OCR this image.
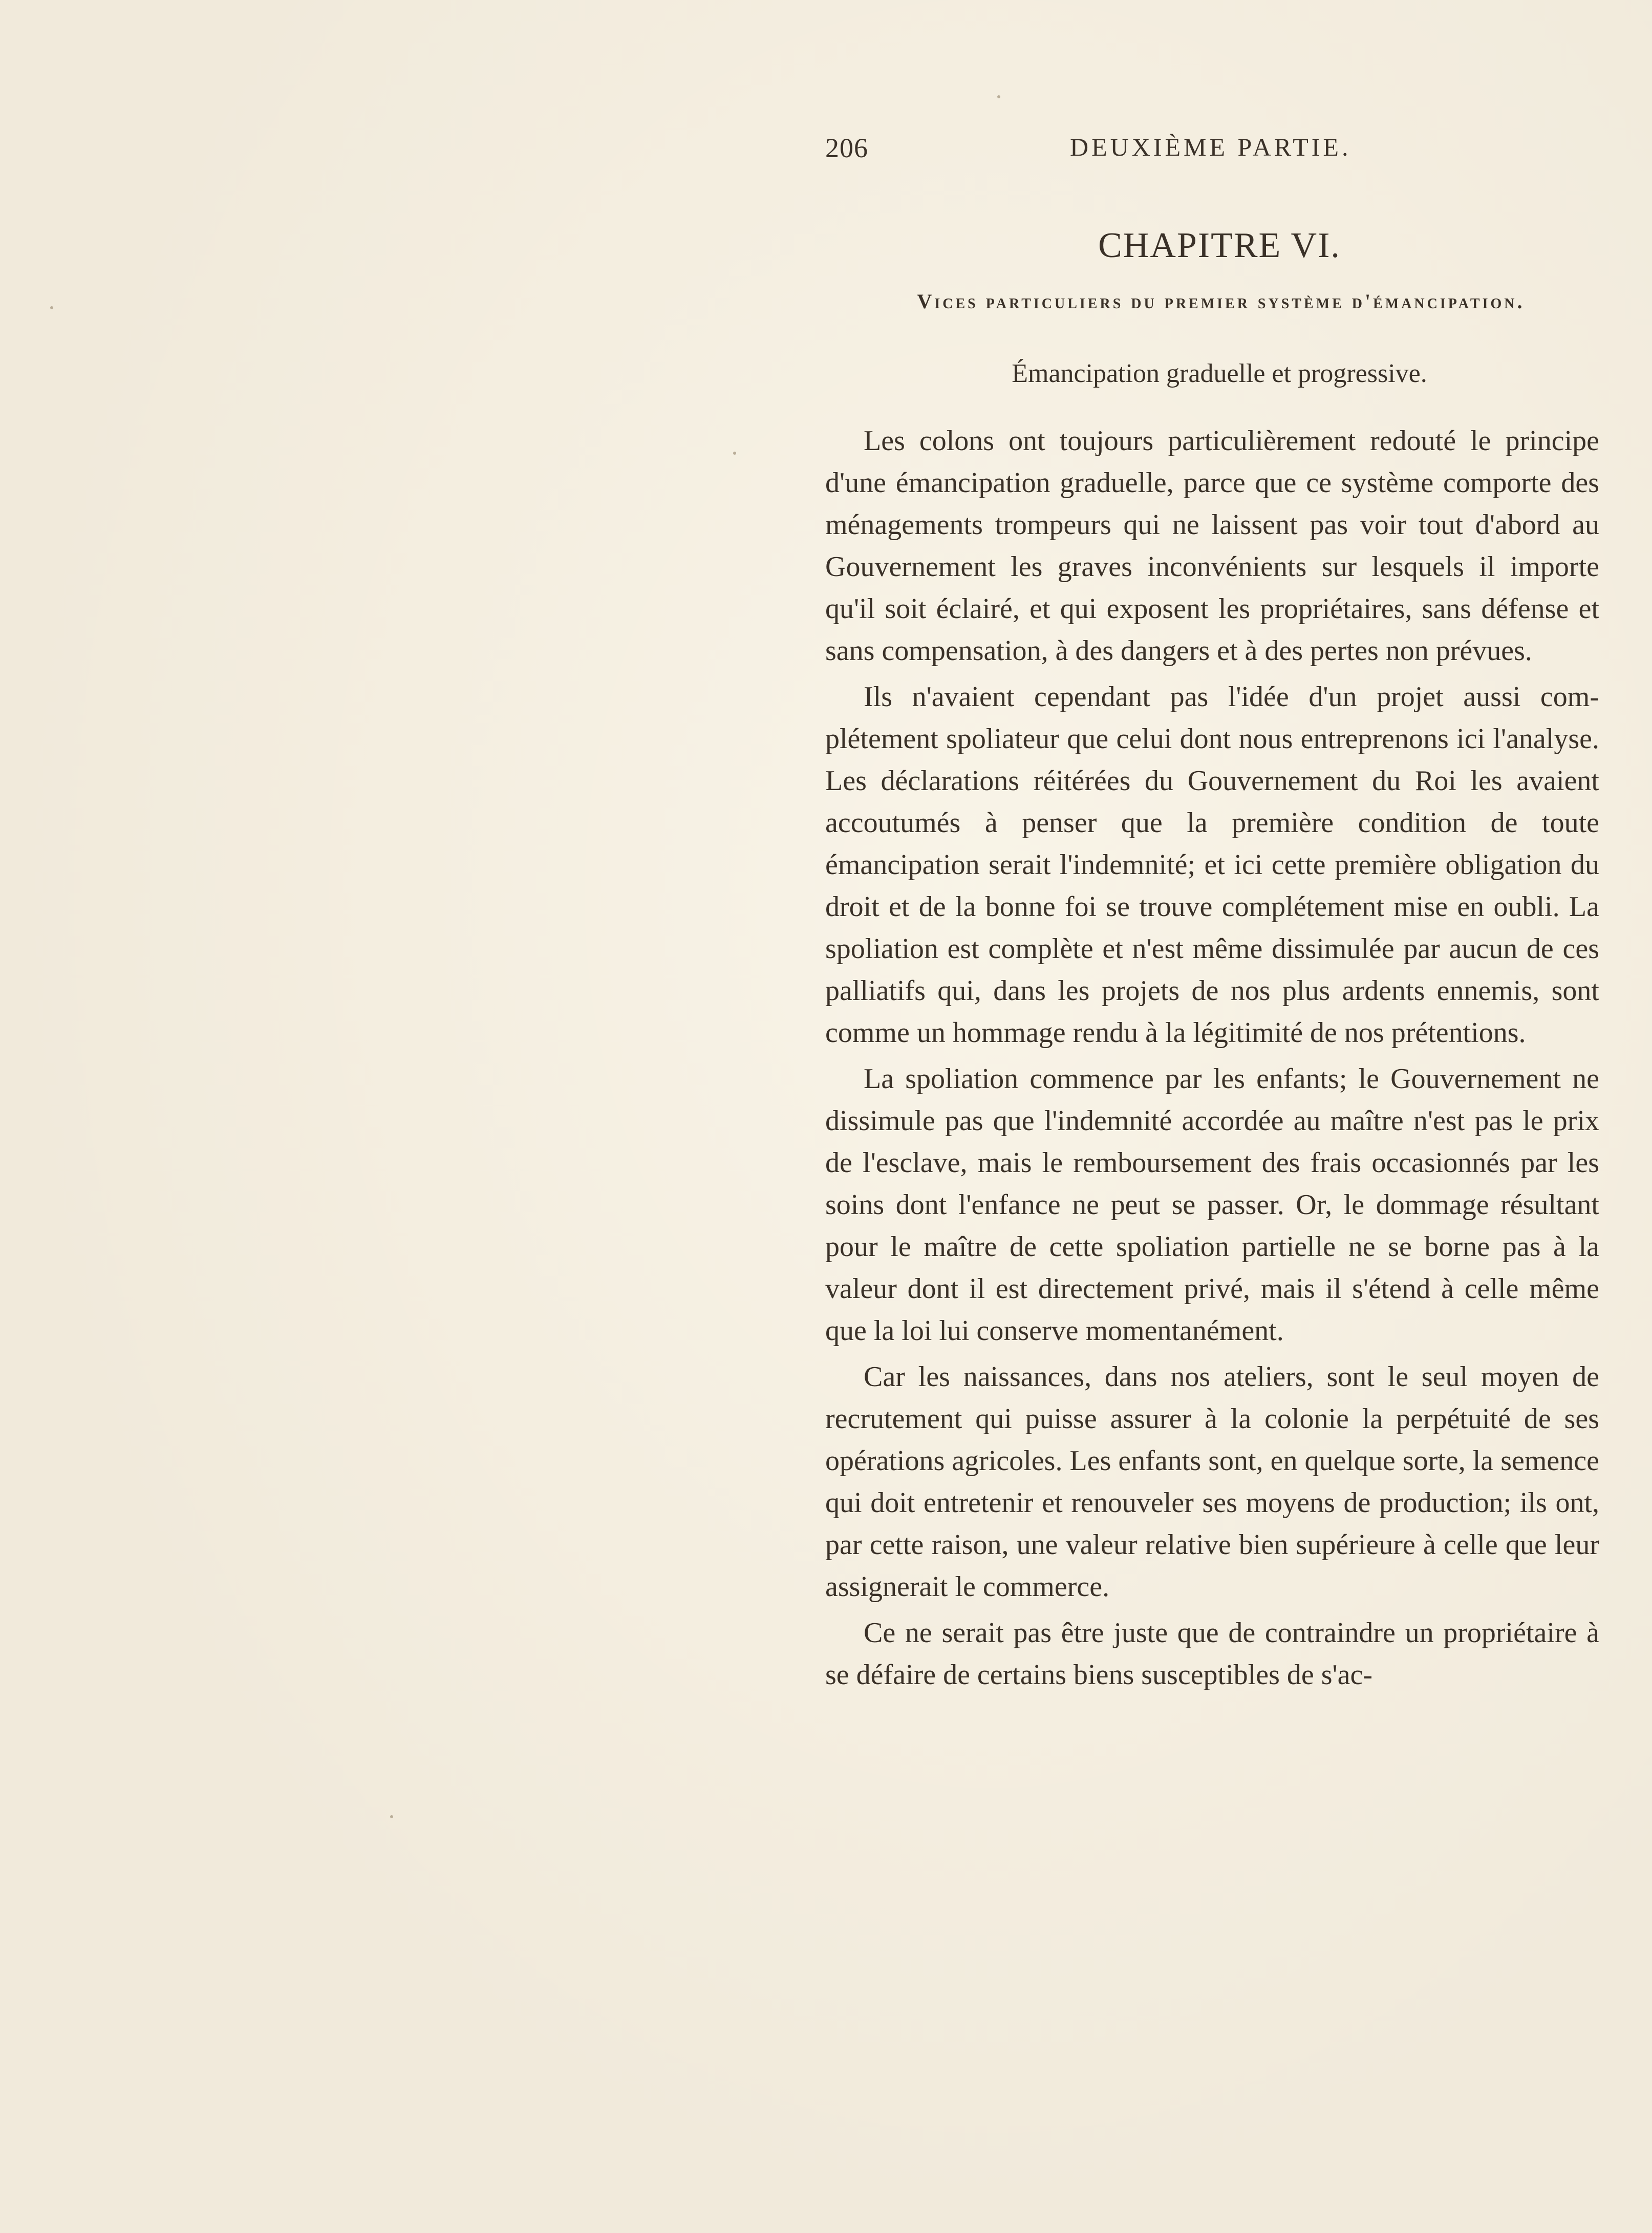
206	DEUXIÈME PARTIE.
CHAPITRE VI.
Vices particuliers du premier système d'émancipation.
Émancipation graduelle et progressive.

Les colons ont toujours particulièrement redouté le principe d'une émancipation graduelle, parce que ce système comporte des ménagements trompeurs qui ne laissent pas voir tout d'abord au Gouvernement les graves inconvénients sur lesquels il importe qu'il soit éclairé, et qui exposent les propriétaires, sans défense et sans compensation, à des dangers et à des pertes non prévues.

Ils n'avaient cependant pas l'idée d'un projet aussi complétement spoliateur que celui dont nous entreprenons ici l'analyse. Les déclarations réitérées du Gouvernement du Roi les avaient accoutumés à penser que la première condition de toute émancipation serait l'indemnité; et ici cette première obligation du droit et de la bonne foi se trouve complétement mise en oubli. La spoliation est complète et n'est même dissimulée par aucun de ces palliatifs qui, dans les projets de nos plus ardents ennemis, sont comme un hommage rendu à la légitimité de nos prétentions.

La spoliation commence par les enfants; le Gouvernement ne dissimule pas que l'indemnité accordée au maître n'est pas le prix de l'esclave, mais le remboursement des frais occasionnés par les soins dont l'enfance ne peut se passer. Or, le dommage résultant pour le maître de cette spoliation partielle ne se borne pas à la valeur dont il est directement privé, mais il s'étend à celle même que la loi lui conserve momentanément.

Car les naissances, dans nos ateliers, sont le seul moyen de recrutement qui puisse assurer à la colonie la perpétuité de ses opérations agricoles. Les enfants sont, en quelque sorte, la semence qui doit entretenir et renouveler ses moyens de production; ils ont, par cette raison, une valeur relative bien supérieure à celle que leur assignerait le commerce.

Ce ne serait pas être juste que de contraindre un propriétaire à se défaire de certains biens susceptibles de s'ac-
